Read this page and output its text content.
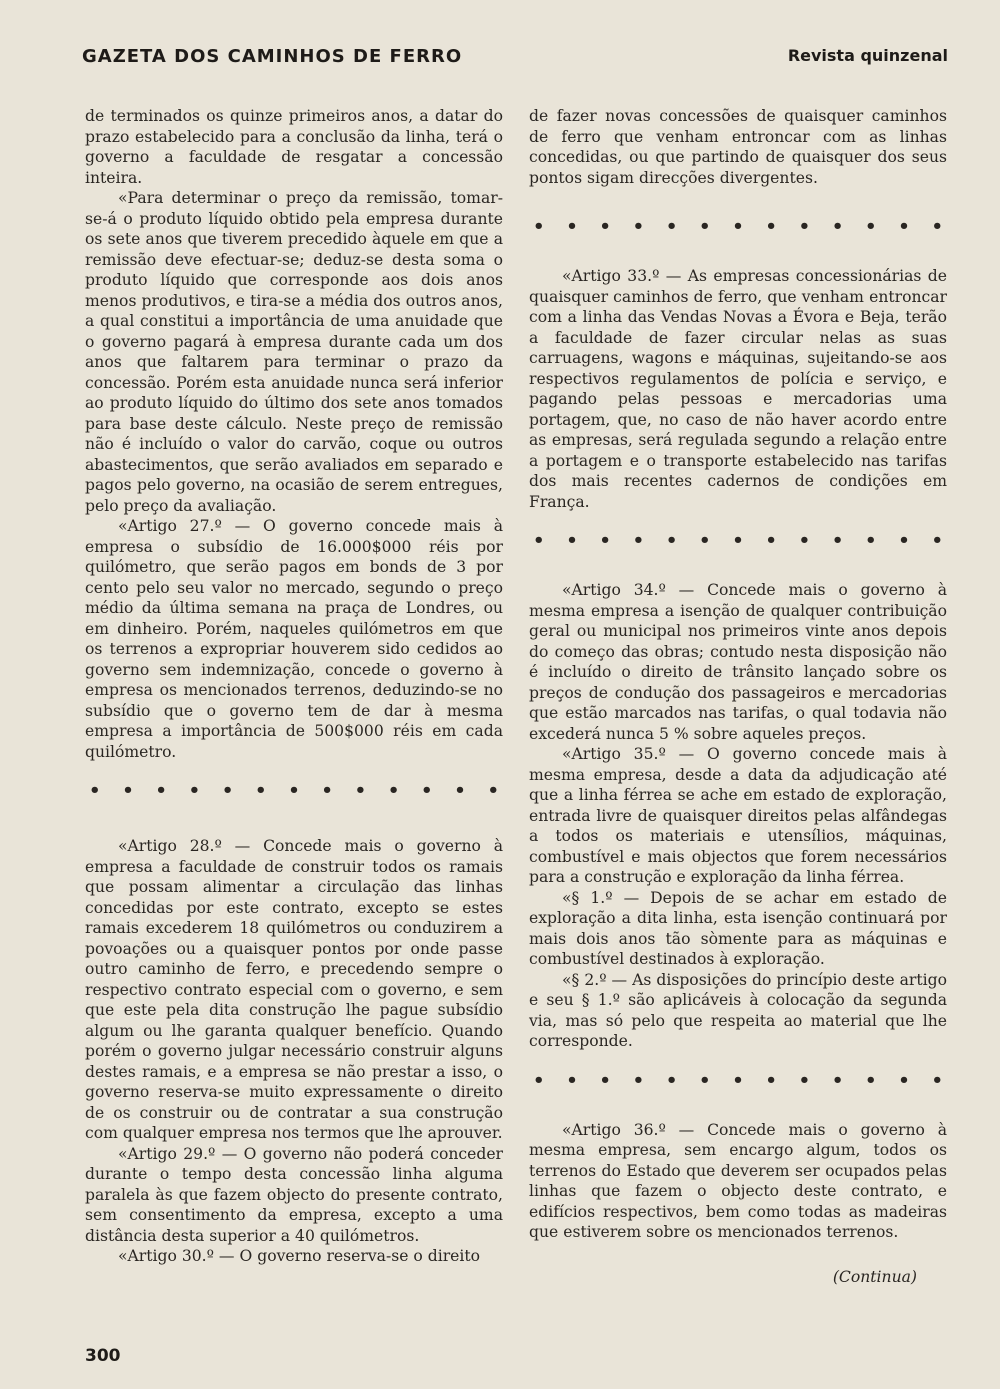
GAZETA DOS CAMINHOS DE FERRO	Revista quinzenal

de terminados os quinze primeiros anos, a datar do prazo estabelecido para a conclusão da linha, terá o governo a faculdade de resgatar a concessão inteira.

«Para determinar o preço da remissão, tomar-se-á o produto líquido obtido pela empresa durante os sete anos que tiverem precedido àquele em que a remissão deve efectuar-se; deduz-se desta soma o produto líquido que corresponde aos dois anos menos produtivos, e tira-se a média dos outros anos, a qual constitui a importância de uma anuidade que o governo pagará à empresa durante cada um dos anos que faltarem para terminar o prazo da concessão. Porém esta anuidade nunca será inferior ao produto líquido do último dos sete anos tomados para base deste cálculo. Neste preço de remissão não é incluído o valor do carvão, coque ou outros abastecimentos, que serão avaliados em separado e pagos pelo governo, na ocasião de serem entregues, pelo preço da avaliação.

«Artigo 27.º — O governo concede mais à empresa o subsídio de 16.000$000 réis por quilómetro, que serão pagos em bonds de 3 por cento pelo seu valor no mercado, segundo o preço médio da última semana na praça de Londres, ou em dinheiro. Porém, naqueles quilómetros em que os terrenos a expropriar houverem sido cedidos ao governo sem indemnização, concede o governo à empresa os mencionados terrenos, deduzindo-se no subsídio que o governo tem de dar à mesma empresa a importância de 500$000 réis em cada quilómetro.

• • • • • • • • • • • • •

«Artigo 28.º — Concede mais o governo à empresa a faculdade de construir todos os ramais que possam alimentar a circulação das linhas concedidas por este contrato, excepto se estes ramais excederem 18 quilómetros ou conduzirem a povoações ou a quaisquer pontos por onde passe outro caminho de ferro, e precedendo sempre o respectivo contrato especial com o governo, e sem que este pela dita construção lhe pague subsídio algum ou lhe garanta qualquer benefício. Quando porém o governo julgar necessário construir alguns destes ramais, e a empresa se não prestar a isso, o governo reserva-se muito expressamente o direito de os construir ou de contratar a sua construção com qualquer empresa nos termos que lhe aprouver.

«Artigo 29.º — O governo não poderá conceder durante o tempo desta concessão linha alguma paralela às que fazem objecto do presente contrato, sem consentimento da empresa, excepto a uma distância desta superior a 40 quilómetros.

«Artigo 30.º — O governo reserva-se o direito

de fazer novas concessões de quaisquer caminhos de ferro que venham entroncar com as linhas concedidas, ou que partindo de quaisquer dos seus pontos sigam direcções divergentes.

• • • • • • • • • • • • •

«Artigo 33.º — As empresas concessionárias de quaisquer caminhos de ferro, que venham entroncar com a linha das Vendas Novas a Évora e Beja, terão a faculdade de fazer circular nelas as suas carruagens, wagons e máquinas, sujeitando-se aos respectivos regulamentos de polícia e serviço, e pagando pelas pessoas e mercadorias uma portagem, que, no caso de não haver acordo entre as empresas, será regulada segundo a relação entre a portagem e o transporte estabelecido nas tarifas dos mais recentes cadernos de condições em França.

• • • • • • • • • • • • •

«Artigo 34.º — Concede mais o governo à mesma empresa a isenção de qualquer contribuição geral ou municipal nos primeiros vinte anos depois do começo das obras; contudo nesta disposição não é incluído o direito de trânsito lançado sobre os preços de condução dos passageiros e mercadorias que estão marcados nas tarifas, o qual todavia não excederá nunca 5 % sobre aqueles preços.

«Artigo 35.º — O governo concede mais à mesma empresa, desde a data da adjudicação até que a linha férrea se ache em estado de exploração, entrada livre de quaisquer direitos pelas alfândegas a todos os materiais e utensílios, máquinas, combustível e mais objectos que forem necessários para a construção e exploração da linha férrea.

«§ 1.º — Depois de se achar em estado de exploração a dita linha, esta isenção continuará por mais dois anos tão sòmente para as máquinas e combustível destinados à exploração.

«§ 2.º — As disposições do princípio deste artigo e seu § 1.º são aplicáveis à colocação da segunda via, mas só pelo que respeita ao material que lhe corresponde.

• • • • • • • • • • • • •

«Artigo 36.º — Concede mais o governo à mesma empresa, sem encargo algum, todos os terrenos do Estado que deverem ser ocupados pelas linhas que fazem o objecto deste contrato, e edifícios respectivos, bem como todas as madeiras que estiverem sobre os mencionados terrenos.

(Continua)
300
